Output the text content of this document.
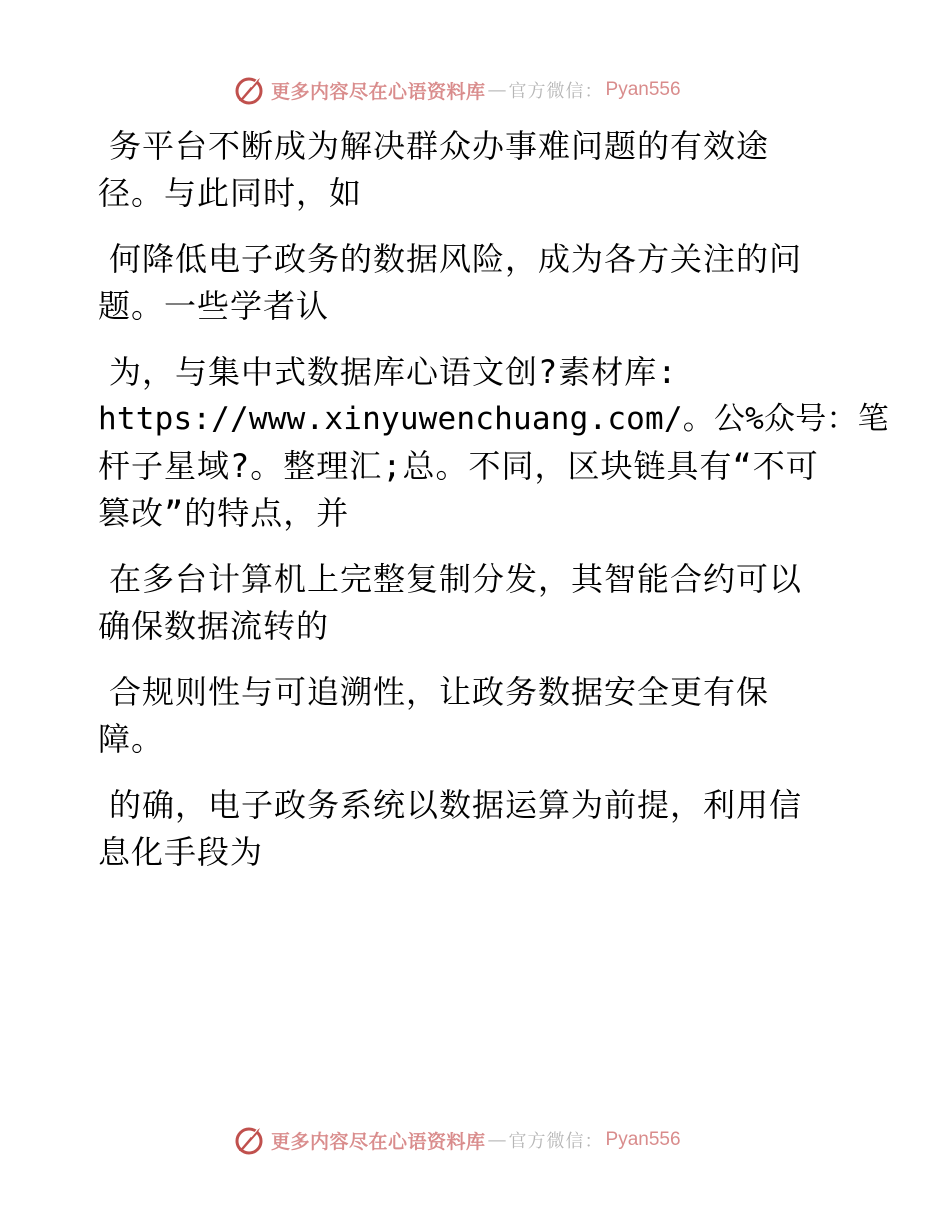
更多内容尽在心语资料库 — 官方微信： Pyan556
务平台不断成为解决群众办事难问题的有效途
径。与此同时，如
何降低电子政务的数据风险，成为各方关注的问
题。一些学者认
为，与集中式数据库心语文创?素材库:
https://www.xinyuwenchuang.com/。公%众号：笔
杆子星域?。整理汇;总。不同，区块链具有“不可
篡改”的特点，并
在多台计算机上完整复制分发，其智能合约可以
确保数据流转的
合规则性与可追溯性，让政务数据安全更有保
障。
的确，电子政务系统以数据运算为前提，利用信
息化手段为
更多内容尽在心语资料库 — 官方微信： Pyan556
